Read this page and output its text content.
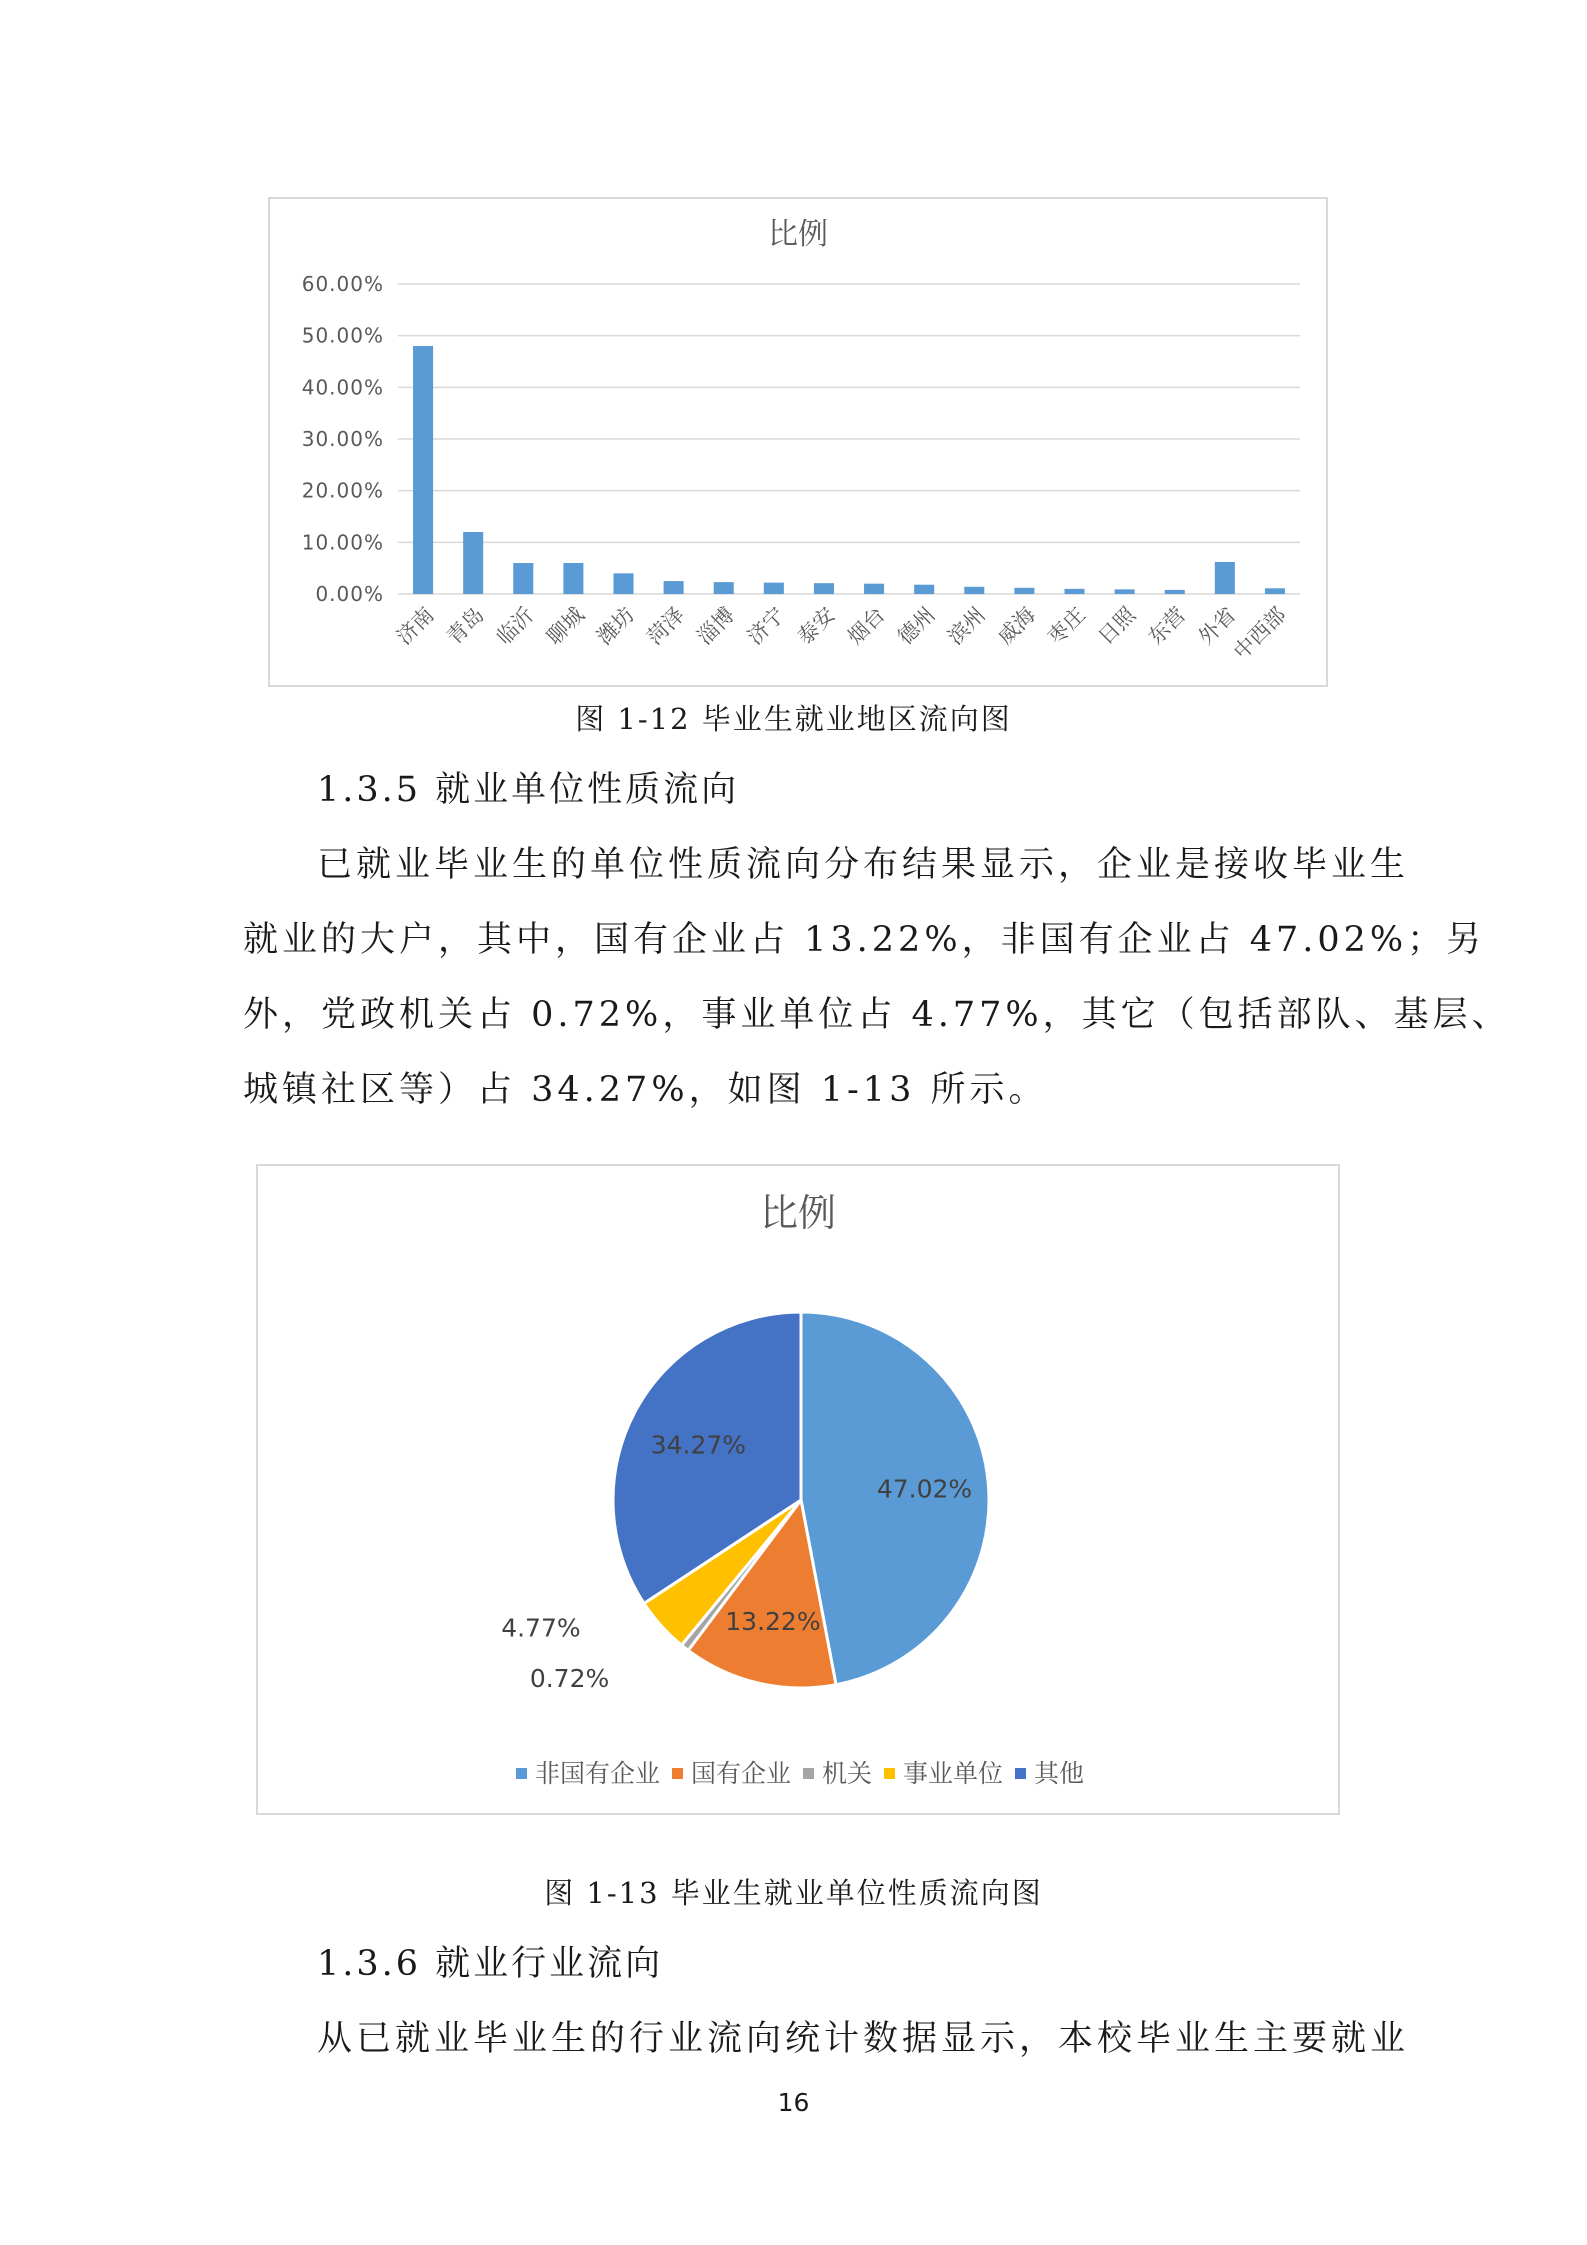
比例
0.00%
10.00%
20.00%
30.00%
40.00%
50.00%
60.00%
济南 青岛 临沂 聊城 潍坊 菏泽 淄博 济宁 泰安 烟台 德州 滨州 威海 枣庄 日照 东营 外省
中西部
图 1-12 毕业生就业地区流向图
1.3.5 就业单位性质流向
已就业毕业生的单位性质流向分布结果显示，企业是接收毕业生
就业的大户，其中，国有企业占 13.22%，非国有企业占 47.02%；另
外，党政机关占 0.72%，事业单位占 4.77%，其它（包括部队、基层、
城镇社区等）占 34.27%，如图 1-13 所示。
比例
47.02%
13.22%
0.72%
4.77%
34.27%
非国有企业 国有企业 机关 事业单位 其他
图 1-13 毕业生就业单位性质流向图
1.3.6 就业行业流向
从已就业毕业生的行业流向统计数据显示，本校毕业生主要就业
16
